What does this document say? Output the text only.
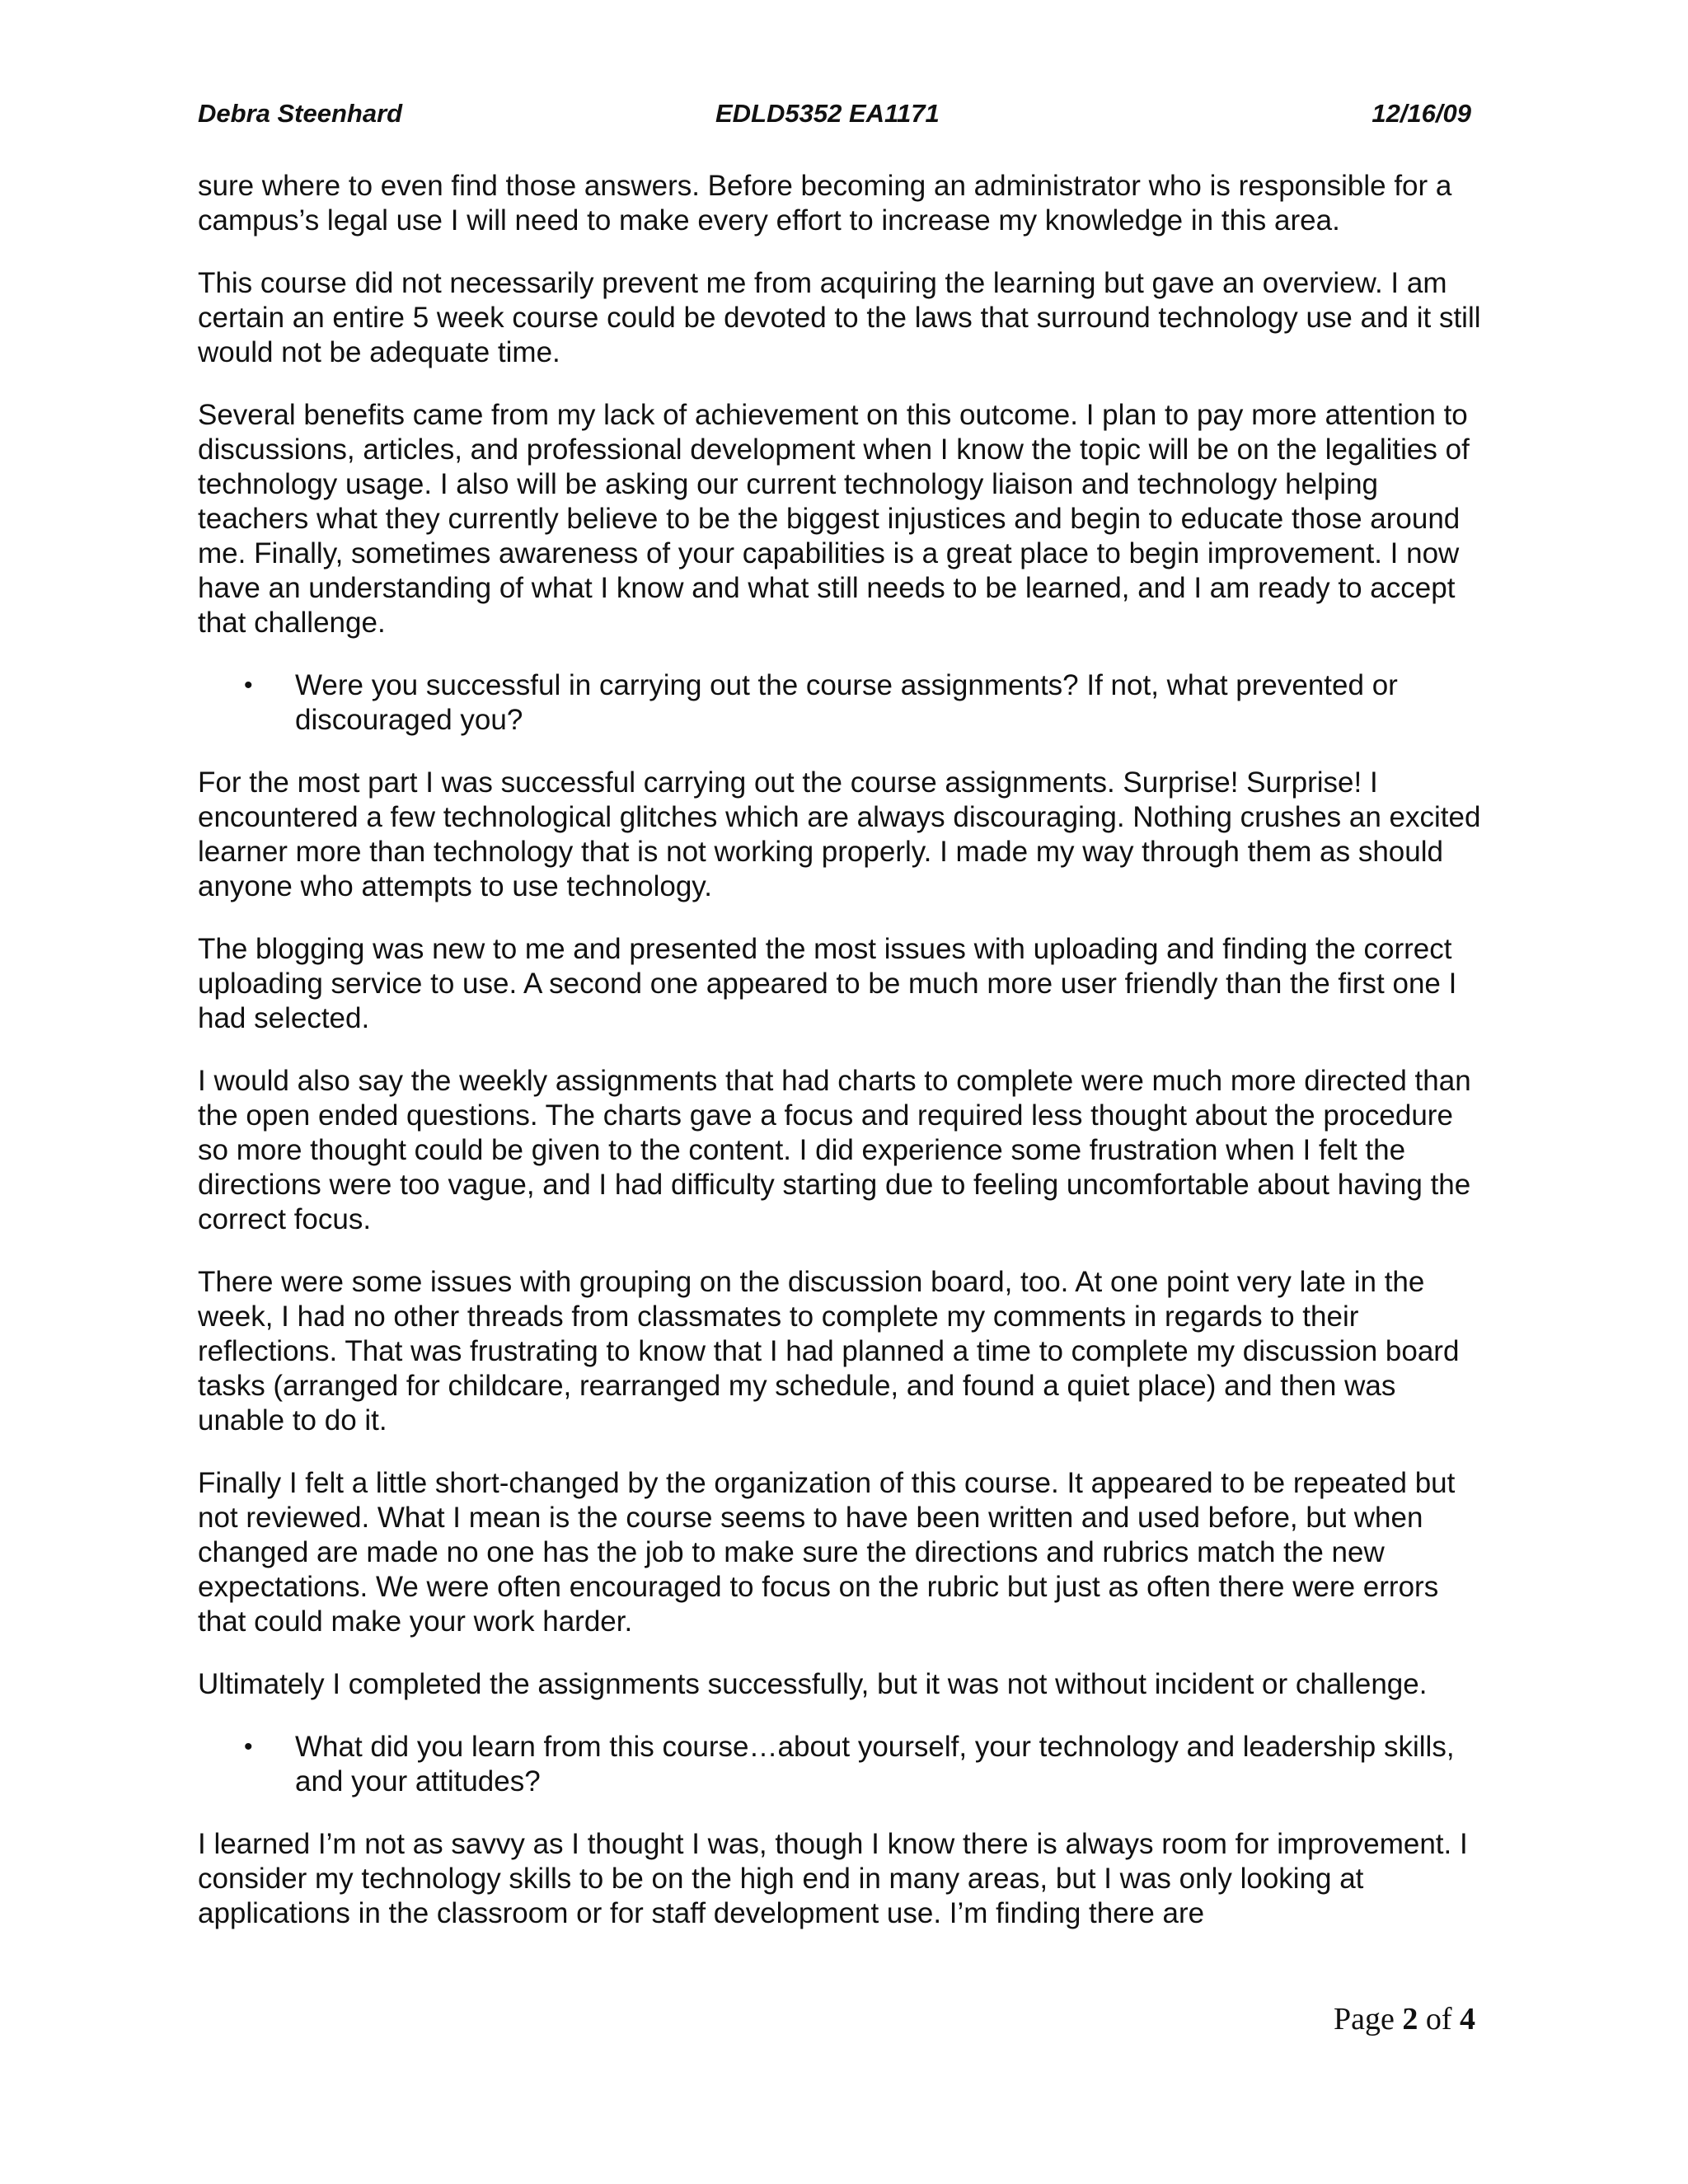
Debra Steenhard	EDLD5352 EA1171	12/16/09

sure where to even find those answers. Before becoming an administrator who is responsible for a campus’s legal use I will need to make every effort to increase my knowledge in this area.

This course did not necessarily prevent me from acquiring the learning but gave an overview. I am certain an entire 5 week course could be devoted to the laws that surround technology use and it still would not be adequate time.

Several benefits came from my lack of achievement on this outcome. I plan to pay more attention to discussions, articles, and professional development when I know the topic will be on the legalities of technology usage. I also will be asking our current technology liaison and technology helping teachers what they currently believe to be the biggest injustices and begin to educate those around me. Finally, sometimes awareness of your capabilities is a great place to begin improvement. I now have an understanding of what I know and what still needs to be learned, and I am ready to accept that challenge.

• Were you successful in carrying out the course assignments? If not, what prevented or discouraged you?

For the most part I was successful carrying out the course assignments. Surprise! Surprise! I encountered a few technological glitches which are always discouraging. Nothing crushes an excited learner more than technology that is not working properly. I made my way through them as should anyone who attempts to use technology.

The blogging was new to me and presented the most issues with uploading and finding the correct uploading service to use. A second one appeared to be much more user friendly than the first one I had selected.

I would also say the weekly assignments that had charts to complete were much more directed than the open ended questions. The charts gave a focus and required less thought about the procedure so more thought could be given to the content. I did experience some frustration when I felt the directions were too vague, and I had difficulty starting due to feeling uncomfortable about having the correct focus.

There were some issues with grouping on the discussion board, too. At one point very late in the week, I had no other threads from classmates to complete my comments in regards to their reflections. That was frustrating to know that I had planned a time to complete my discussion board tasks (arranged for childcare, rearranged my schedule, and found a quiet place) and then was unable to do it.

Finally I felt a little short-changed by the organization of this course. It appeared to be repeated but not reviewed. What I mean is the course seems to have been written and used before, but when changed are made no one has the job to make sure the directions and rubrics match the new expectations. We were often encouraged to focus on the rubric but just as often there were errors that could make your work harder.

Ultimately I completed the assignments successfully, but it was not without incident or challenge.

• What did you learn from this course…about yourself, your technology and leadership skills, and your attitudes?

I learned I’m not as savvy as I thought I was, though I know there is always room for improvement. I consider my technology skills to be on the high end in many areas, but I was only looking at applications in the classroom or for staff development use. I’m finding there are

Page 2 of 4
